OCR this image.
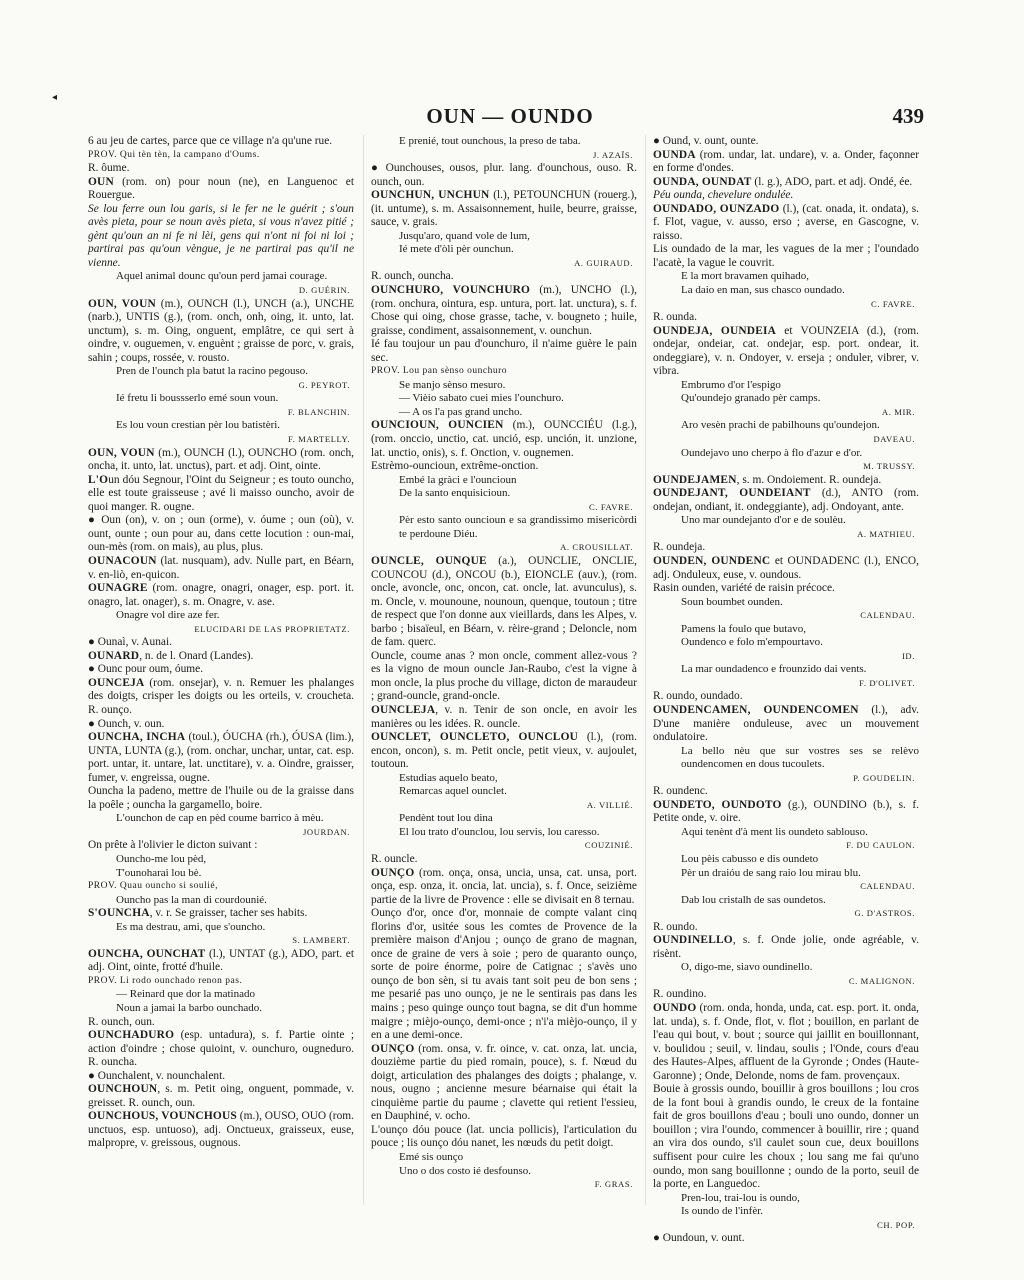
◂
OUN — OUNDO	439
6 au jeu de cartes, parce que ce village n'a qu'une rue.
PROV. Qui tèn tèn, la campano d'Oums.
R. ôume.
OUN (rom. on) pour noun (ne), en Languenoc et Rouergue.
Se lou ferre oun lou garis, si le fer ne le guérit ; s'oun avès pieta, pour se noun avès pieta, si vous n'avez pitié ; gènt qu'oun an ni fe ni lèi, gens qui n'ont ni foi ni loi ; partirai pas qu'oun vèngue, je ne partirai pas qu'il ne vienne.
Aquel animal dounc qu'oun perd jamai courage.
D. GUÉRIN.
OUN, VOUN (m.), OUNCH (l.), UNCH (a.), UNCHE (narb.), UNTIS (g.), (rom. onch, onh, oing, it. unto, lat. unctum), s. m. Oing, onguent, emplâtre, ce qui sert à oindre, v. ouguemen, v. enguènt ; graisse de porc, v. grais, sahin ; coups, rossée, v. rousto.
Pren de l'ounch pla batut la racino pegouso.
G. PEYROT.
Ié fretu li boussserlo emé soun voun.
F. BLANCHIN.
Es lou voun crestian pèr lou batistèri.
F. MARTELLY.
OUN, VOUN (m.), OUNCH (l.), OUNCHO (rom. onch, oncha, it. unto, lat. unctus), part. et adj. Oint, ointe.
L'Oun dóu Segnour, l'Oint du Seigneur ; es touto ouncho, elle est toute graisseuse ; avé li maisso ouncho, avoir de quoi manger. R. ougne.
● Oun (on), v. on ; oun (orme), v. óume ; oun (où), v. ount, ounte ; oun pour au, dans cette locution : oun-mai, oun-mès (rom. on mais), au plus, plus.
OUNACOUN (lat. nusquam), adv. Nulle part, en Béarn, v. en-liò, en-quicon.
OUNAGRE (rom. onagre, onagri, onager, esp. port. it. onagro, lat. onager), s. m. Onagre, v. ase.
Onagre vol dire aze fer.
ELUCIDARI DE LAS PROPRIETATZ.
● Ounaì, v. Aunai.
OUNARD, n. de l. Onard (Landes).
● Ounc pour oum, óume.
OUNCEJA (rom. onsejar), v. n. Remuer les phalanges des doigts, crisper les doigts ou les orteils, v. croucheta. R. ounço.
● Ounch, v. oun.
OUNCHA, INCHA (toul.), ÓUCHA (rh.), ÓUSA (lim.), UNTA, LUNTA (g.), (rom. onchar, unchar, untar, cat. esp. port. untar, it. untare, lat. unctitare), v. a. Oindre, graisser, fumer, v. engreissa, ougne.
Ouncha la padeno, mettre de l'huile ou de la graisse dans la poêle ; ouncha la gargamello, boire.
L'ounchon de cap en pèd coume barrico à mèu.
JOURDAN.
On prête à l'olivier le dicton suivant :
Ouncho-me lou pèd,
T'ounoharai lou bè.
PROV. Quau ouncho si soulié,
Ouncho pas la man di courdounié.
S'OUNCHA, v. r. Se graisser, tacher ses habits.
Es ma destrau, ami, que s'ouncho.
S. LAMBERT.
OUNCHA, OUNCHAT (l.), UNTAT (g.), ADO, part. et adj. Oint, ointe, frotté d'huile.
PROV. Li rodo ounchado renon pas.
— Reinard que dor la matinado
Noun a jamai la barbo ounchado.
R. ounch, oun.
OUNCHADURO (esp. untadura), s. f. Partie ointe ; action d'oindre ; chose quioint, v. ounchuro, ougneduro. R. ouncha.
● Ounchalent, v. nounchalent.
OUNCHOUN, s. m. Petit oing, onguent, pommade, v. greisset. R. ounch, oun.
OUNCHOUS, VOUNCHOUS (m.), OUSO, OUO (rom. unctuos, esp. untuoso), adj. Onctueux, graisseux, euse, malpropre, v. greissous, ougnous.
E prenié, tout ounchous, la preso de taba.
J. AZAÏS.
● Ounchouses, ousos, plur. lang. d'ounchous, ouso. R. ounch, oun.
OUNCHUN, UNCHUN (l.), PETOUNCHUN (rouerg.), (it. untume), s. m. Assaisonnement, huile, beurre, graisse, sauce, v. grais.
Jusqu'aro, quand vole de lum,
Ié mete d'òli pèr ounchun.
A. GUIRAUD.
R. ounch, ouncha.
OUNCHURO, VOUNCHURO (m.), UNCHO (l.), (rom. onchura, ointura, esp. untura, port. lat. unctura), s. f. Chose qui oing, chose grasse, tache, v. bougneto ; huile, graisse, condiment, assaisonnement, v. ounchun.
Ié fau toujour un pau d'ounchuro, il n'aime guère le pain sec.
PROV. Lou pan sènso ounchuro
Se manjo sènso mesuro.
— Vièio sabato cuei mies l'ounchuro.
— A os l'a pas grand uncho.
OUNCIOUN, OUNCIEN (m.), OUNCCIÉU (l.g.), (rom. onccio, unctio, cat. unció, esp. unción, it. unzione, lat. unctio, onis), s. f. Onction, v. ougnemen.
Estrèmo-ouncioun, extrême-onction.
Embé la gràci e l'ouncioun
De la santo enquisicioun.
C. FAVRE.
Pèr esto santo ouncioun e sa grandissimo misericòrdi te perdoune Diéu.
A. CROUSILLAT.
OUNCLE, OUNQUE (a.), OUNCLIE, ONCLIE, COUNCOU (d.), ONCOU (b.), EIONCLE (auv.), (rom. oncle, avoncle, onc, oncon, cat. oncle, lat. avunculus), s. m. Oncle, v. mounoune, nounoun, quenque, toutoun ; titre de respect que l'on donne aux vieillards, dans les Alpes, v. barbo ; bisaïeul, en Béarn, v. rèire-grand ; Deloncle, nom de fam. querc.
Ouncle, coume anas ? mon oncle, comment allez-vous ? es la vigno de moun ouncle Jan-Raubo, c'est la vigne à mon oncle, la plus proche du village, dicton de maraudeur ; grand-ouncle, grand-oncle.
OUNCLEJA, v. n. Tenir de son oncle, en avoir les manières ou les idées. R. ouncle.
OUNCLET, OUNCLETO, OUNCLOU (l.), (rom. encon, oncon), s. m. Petit oncle, petit vieux, v. aujoulet, toutoun.
Estudias aquelo beato,
Remarcas aquel ounclet.
A. VILLIÉ.
Pendènt tout lou dina
El lou trato d'ounclou, lou servis, lou caresso.
COUZINIÉ.
R. ouncle.
OUNÇO (rom. onça, onsa, uncia, unsa, cat. unsa, port. onça, esp. onza, it. oncia, lat. uncia), s. f. Once, seizième partie de la livre de Provence : elle se divisait en 8 ternau.
Ounço d'or, once d'or, monnaie de compte valant cinq florins d'or, usitée sous les comtes de Provence de la première maison d'Anjou ; ounço de grano de magnan, once de graine de vers à soie ; pero de quaranto ounço, sorte de poire énorme, poire de Catignac ; s'avès uno ounço de bon sèn, si tu avais tant soit peu de bon sens ; me pesarié pas uno ounço, je ne le sentirais pas dans les mains ; peso quinge ounço tout bagna, se dit d'un homme maigre ; mièjo-ounço, demi-once ; n'i'a mièjo-ounço, il y en a une demi-once.
OUNÇO (rom. onsa, v. fr. oince, v. cat. onza, lat. uncia, douzième partie du pied romain, pouce), s. f. Nœud du doigt, articulation des phalanges des doigts ; phalange, v. nous, ougno ; ancienne mesure béarnaise qui était la cinquième partie du paume ; clavette qui retient l'essieu, en Dauphiné, v. ocho.
L'ounço dóu pouce (lat. uncia pollicis), l'articulation du pouce ; lis ounço dóu nanet, les nœuds du petit doigt.
Emé sis ounço
Uno o dos costo ié desfounso.
F. GRAS.
● Ound, v. ount, ounte.
OUNDA (rom. undar, lat. undare), v. a. Onder, façonner en forme d'ondes.
OUNDA, OUNDAT (l. g.), ADO, part. et adj. Ondé, ée.
Péu ounda, chevelure ondulée.
OUNDADO, OUNZADO (l.), (cat. onada, it. ondata), s. f. Flot, vague, v. ausso, erso ; averse, en Gascogne, v. raisso.
Lis oundado de la mar, les vagues de la mer ; l'oundado l'acatè, la vague le couvrit.
E la mort bravamen quihado,
La daio en man, sus chasco oundado.
C. FAVRE.
R. ounda.
OUNDEJA, OUNDEIA et VOUNZEIA (d.), (rom. ondejar, ondeiar, cat. ondejar, esp. port. ondear, it. ondeggiare), v. n. Ondoyer, v. erseja ; onduler, vibrer, v. vibra.
Embrumo d'or l'espigo
Qu'oundejo granado pèr camps.
A. MIR.
Aro vesèn prachi de pabilhouns qu'oundejon.
DAVEAU.
Oundejavo uno cherpo à flo d'azur e d'or.
M. TRUSSY.
OUNDEJAMEN, s. m. Ondoiement. R. oundeja.
OUNDEJANT, OUNDEIANT (d.), ANTO (rom. ondejan, ondiant, it. ondeggiante), adj. Ondoyant, ante.
Uno mar oundejanto d'or e de soulèu.
A. MATHIEU.
R. oundeja.
OUNDEN, OUNDENC et OUNDADENC (l.), ENCO, adj. Onduleux, euse, v. oundous.
Rasin ounden, variété de raisin précoce.
Soun boumbet ounden.
CALENDAU.
Pamens la foulo que butavo,
Oundenco e folo m'empourtavo.
ID.
La mar oundadenco e frounzido dai vents.
F. D'OLIVET.
R. oundo, oundado.
OUNDENCAMEN, OUNDENCOMEN (l.), adv. D'une manière onduleuse, avec un mouvement ondulatoire.
La bello nèu que sur vostres ses se relèvo oundencomen en dous tucoulets.
P. GOUDELIN.
R. oundenc.
OUNDETO, OUNDOTO (g.), OUNDINO (b.), s. f. Petite onde, v. oire.
Aqui tenènt d'à ment lis oundeto sablouso.
F. DU CAULON.
Lou pèis cabusso e dis oundeto
Pèr un draióu de sang raio lou mirau blu.
CALENDAU.
Dab lou cristalh de sas oundetos.
G. D'ASTROS.
R. oundo.
OUNDINELLO, s. f. Onde jolie, onde agréable, v. risènt.
O, digo-me, siavo oundinello.
C. MALIGNON.
R. oundino.
OUNDO (rom. onda, honda, unda, cat. esp. port. it. onda, lat. unda), s. f. Onde, flot, v. flot ; bouillon, en parlant de l'eau qui bout, v. bout ; source qui jaillit en bouillonnant, v. boulidou ; seuil, v. lindau, soulis ; l'Onde, cours d'eau des Hautes-Alpes, affluent de la Gyronde ; Ondes (Haute-Garonne) ; Onde, Delonde, noms de fam. provençaux.
Bouie à grossis oundo, bouillir à gros bouillons ; lou cros de la font boui à grandis oundo, le creux de la fontaine fait de gros bouillons d'eau ; bouli uno oundo, donner un bouillon ; vira l'oundo, commencer à bouillir, rire ; quand an vira dos oundo, s'il caulet soun cue, deux bouillons suffisent pour cuire les choux ; lou sang me fai qu'uno oundo, mon sang bouillonne ; oundo de la porto, seuil de la porte, en Languedoc.
Pren-lou, trai-lou is oundo,
Is oundo de l'infèr.
CH. POP.
● Oundoun, v. ount.
